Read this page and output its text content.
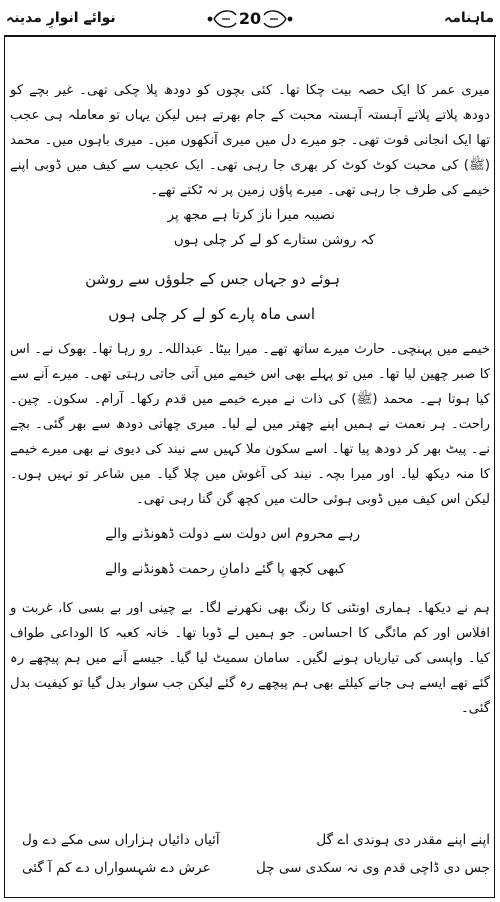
نوائے انوارِ مدینہ	20	ماہنامہ

میری عمر کا ایک حصہ بیت چکا تھا۔ کئی بچوں کو دودھ پلا چکی تھی۔ غیر بچے کو دودھ پلاتے پلاتے آہستہ آہستہ محبت کے جام بھرتے ہیں لیکن یہاں تو معاملہ ہی عجب تھا ایک انجانی قوت تھی۔ جو میرے دل میں میری آنکھوں میں۔ میری باہوں میں۔ محمد (ﷺ) کی محبت کوٹ کوٹ کر بھری جا رہی تھی۔ ایک عجیب سے کیف میں ڈوبی اپنے خیمے کی طرف جا رہی تھی۔ میرے پاؤں زمین پر نہ ٹکتے تھے۔

نصیبہ میرا ناز کرتا ہے مجھ پر

کہ روشن ستارے کو لے کر چلی ہوں

ہوئے دو جہاں جس کے جلوؤں سے روشن

اسی ماہ پارے کو لے کر چلی ہوں

خیمے میں پہنچی۔ حارث میرے ساتھ تھے۔ میرا بیٹا۔ عبداللہ۔ رو رہا تھا۔ بھوک نے۔ اس کا صبر چھین لیا تھا۔ میں تو پہلے بھی اس خیمے میں آتی جاتی رہتی تھی۔ میرے آنے سے کیا ہوتا ہے۔ محمد (ﷺ) کی ذات نے میرے خیمے میں قدم رکھا۔ آرام۔ سکون۔ چین۔ راحت۔ ہر نعمت نے ہمیں اپنے چھتر میں لے لیا۔ میری چھاتی دودھ سے بھر گئی۔ بچے نے۔ پیٹ بھر کر دودھ پیا تھا۔ اسے سکون ملا کہیں سے نیند کی دیوی نے بھی میرے خیمے کا منہ دیکھ لیا۔ اور میرا بچہ۔ نیند کی آغوش میں چلا گیا۔ میں شاعر تو نہیں ہوں۔ لیکن اس کیف میں ڈوبی ہوئی حالت میں کچھ گن گنا رہی تھی۔

رہے محروم اس دولت سے دولت ڈھونڈنے والے

کبھی کچھ پا گئے دامانِ رحمت ڈھونڈنے والے

ہم نے دیکھا۔ ہماری اونٹنی کا رنگ بھی نکھرنے لگا۔ بے چینی اور بے بسی کا، غربت و افلاس اور کم مائگی کا احساس۔ جو ہمیں لے ڈوبا تھا۔ خانہ کعبہ کا الوداعی طواف کیا۔ واپسی کی تیاریاں ہونے لگیں۔ سامان سمیٹ لیا گیا۔ جیسے آنے میں ہم پیچھے رہ گئے تھے ایسے ہی جانے کیلئے بھی ہم پیچھے رہ گئے لیکن جب سوار بدل گیا تو کیفیت بدل گئی۔

اپنے اپنے مقدر دی ہوندی اے گل
آئیاں دائیاں ہزاراں سی مکے دے ول
جس دی ڈاچی قدم وی نہ سکدی سی چل
عرش دے شہسواراں دے کم آ گئی
